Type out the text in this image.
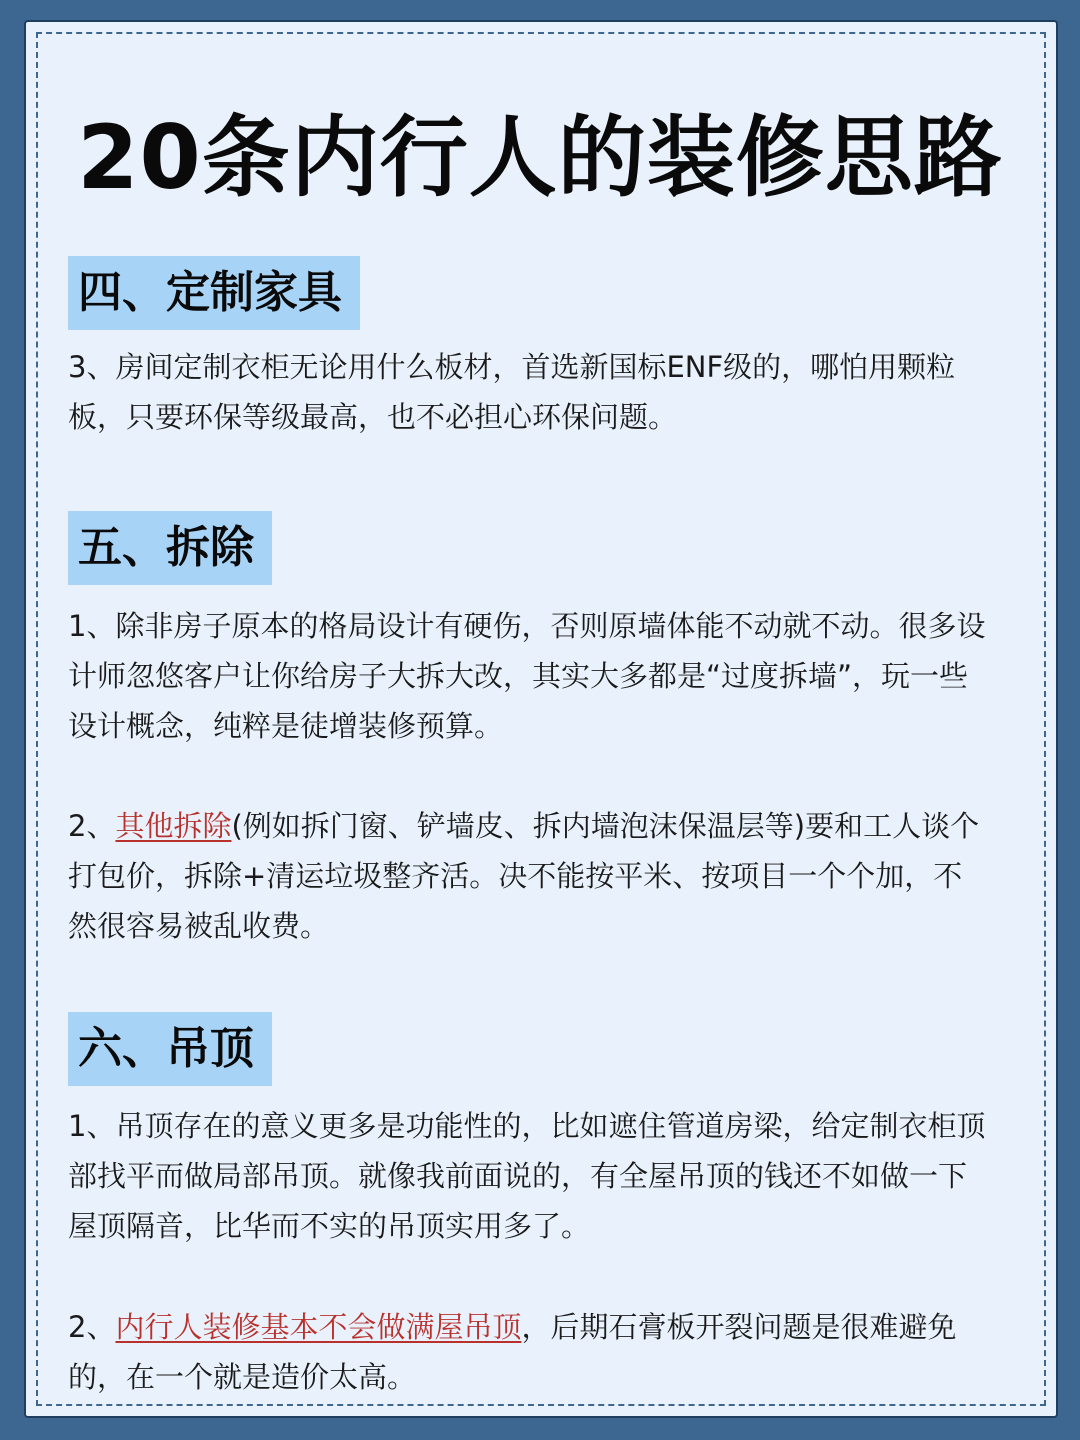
20条内行人的装修思路
四、定制家具

3、房间定制衣柜无论用什么板材，首选新国标ENF级的，哪怕用颗粒板，只要环保等级最高，也不必担心环保问题。

五、拆除

1、除非房子原本的格局设计有硬伤，否则原墙体能不动就不动。很多设计师忽悠客户让你给房子大拆大改，其实大多都是“过度拆墙”，玩一些设计概念，纯粹是徒增装修预算。

2、其他拆除(例如拆门窗、铲墙皮、拆内墙泡沫保温层等)要和工人谈个打包价，拆除+清运垃圾整齐活。决不能按平米、按项目一个个加，不然很容易被乱收费。

六、吊顶

1、吊顶存在的意义更多是功能性的，比如遮住管道房梁，给定制衣柜顶部找平而做局部吊顶。就像我前面说的，有全屋吊顶的钱还不如做一下屋顶隔音，比华而不实的吊顶实用多了。

2、内行人装修基本不会做满屋吊顶，后期石膏板开裂问题是很难避免的，在一个就是造价太高。
